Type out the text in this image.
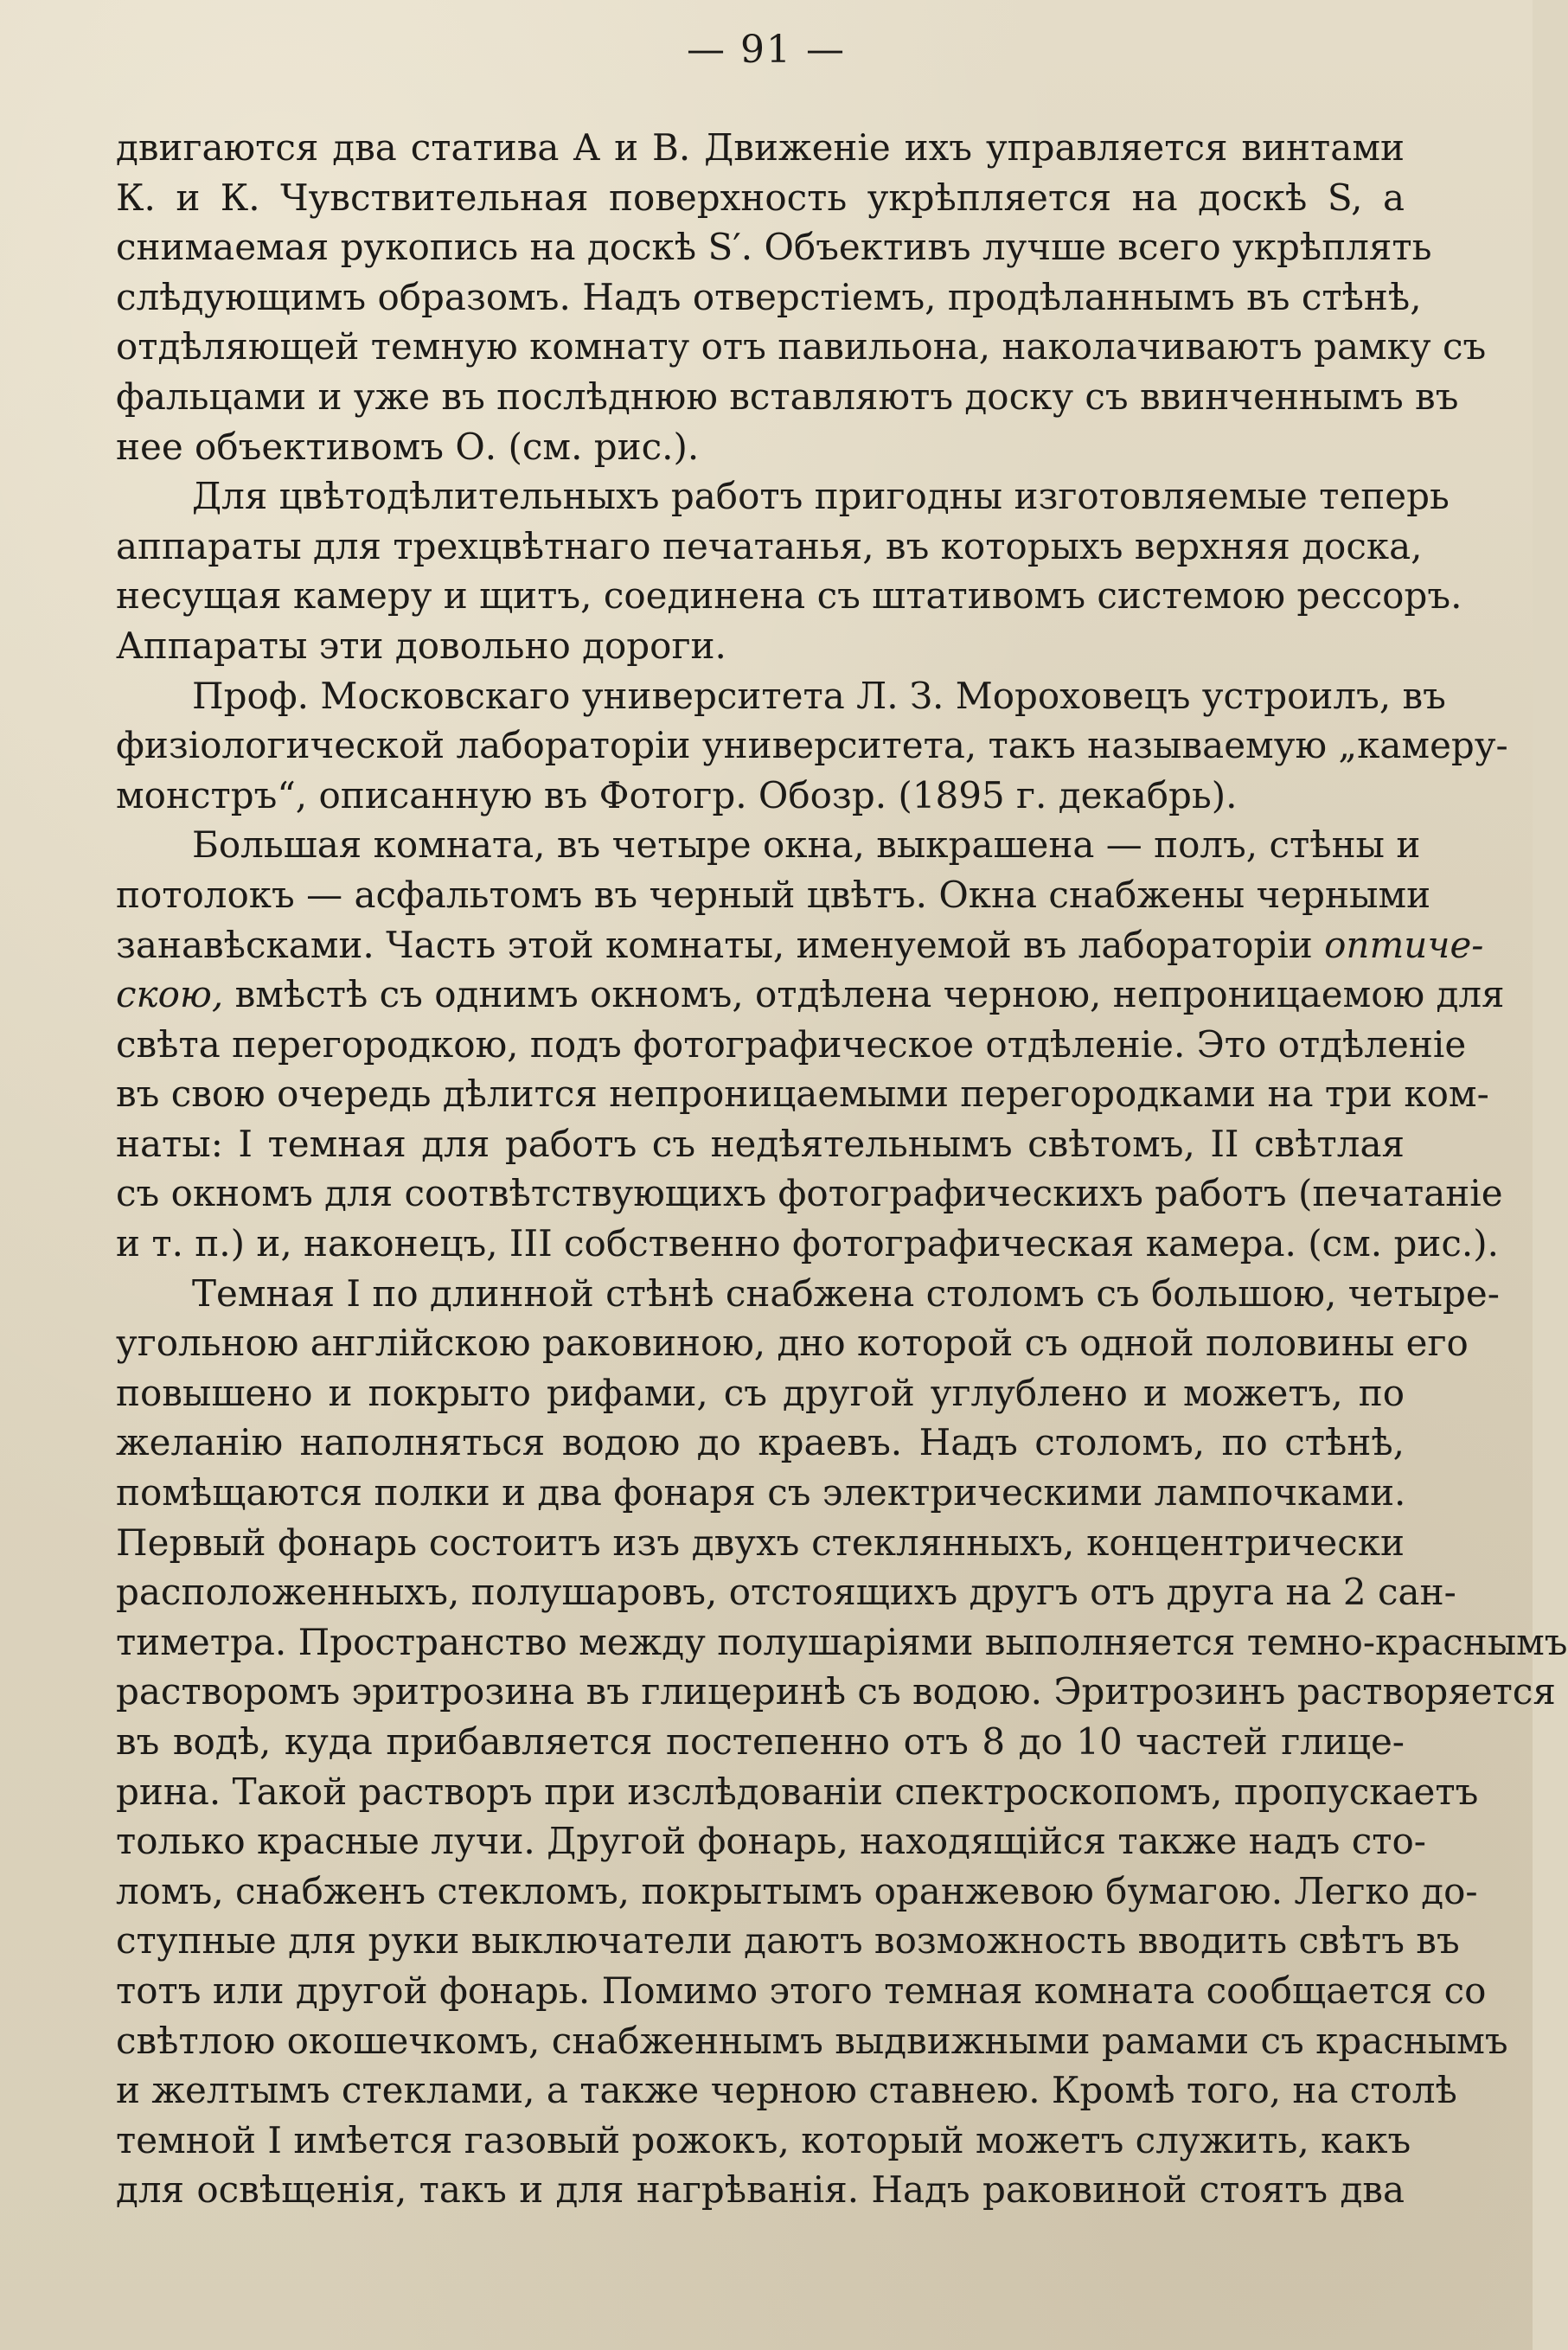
— 91 —
двигаются два статива А и В. Движеніе ихъ управляется винтами
К. и К. Чувствительная поверхность укрѣпляется на доскѣ S, а
снимаемая рукопись на доскѣ S′. Объективъ лучше всего укрѣплять
слѣдующимъ образомъ. Надъ отверстіемъ, продѣланнымъ въ стѣнѣ,
отдѣляющей темную комнату отъ павильона, наколачиваютъ рамку съ
фальцами и уже въ послѣднюю вставляютъ доску съ ввинченнымъ въ
нее объективомъ О. (см. рис.).
Для цвѣтодѣлительныхъ работъ пригодны изготовляемые теперь
аппараты для трехцвѣтнаго печатанья, въ которыхъ верхняя доска,
несущая камеру и щитъ, соединена съ штативомъ системою рессоръ.
Аппараты эти довольно дороги.
Проф. Московскаго университета Л. З. Мороховецъ устроилъ, въ
физіологической лабораторіи университета, такъ называемую „камеру-
монстръ“, описанную въ Фотогр. Обозр. (1895 г. декабрь).
Большая комната, въ четыре окна, выкрашена — полъ, стѣны и
потолокъ — асфальтомъ въ черный цвѣтъ. Окна снабжены черными
занавѣсками. Часть этой комнаты, именуемой въ лабораторіи оптиче-
скою, вмѣстѣ съ однимъ окномъ, отдѣлена черною, непроницаемою для
свѣта перегородкою, подъ фотографическое отдѣленіе. Это отдѣленіе
въ свою очередь дѣлится непроницаемыми перегородками на три ком-
наты: I темная для работъ съ недѣятельнымъ свѣтомъ, II свѣтлая
съ окномъ для соотвѣтствующихъ фотографическихъ работъ (печатаніе
и т. п.) и, наконецъ, III собственно фотографическая камера. (см. рис.).
Темная I по длинной стѣнѣ снабжена столомъ съ большою, четыре-
угольною англійскою раковиною, дно которой съ одной половины его
повышено и покрыто рифами, съ другой углублено и можетъ, по
желанію наполняться водою до краевъ. Надъ столомъ, по стѣнѣ,
помѣщаются полки и два фонаря съ электрическими лампочками.
Первый фонарь состоитъ изъ двухъ стеклянныхъ, концентрически
расположенныхъ, полушаровъ, отстоящихъ другъ отъ друга на 2 сан-
тиметра. Пространство между полушаріями выполняется темно-краснымъ
растворомъ эритрозина въ глицеринѣ съ водою. Эритрозинъ растворяется
въ водѣ, куда прибавляется постепенно отъ 8 до 10 частей глице-
рина. Такой растворъ при изслѣдованіи спектроскопомъ, пропускаетъ
только красные лучи. Другой фонарь, находящійся также надъ сто-
ломъ, снабженъ стекломъ, покрытымъ оранжевою бумагою. Легко до-
ступные для руки выключатели даютъ возможность вводить свѣтъ въ
тотъ или другой фонарь. Помимо этого темная комната сообщается со
свѣтлою окошечкомъ, снабженнымъ выдвижными рамами съ краснымъ
и желтымъ стеклами, а также черною ставнею. Кромѣ того, на столѣ
темной I имѣется газовый рожокъ, который можетъ служить, какъ
для освѣщенія, такъ и для нагрѣванія. Надъ раковиной стоятъ два
